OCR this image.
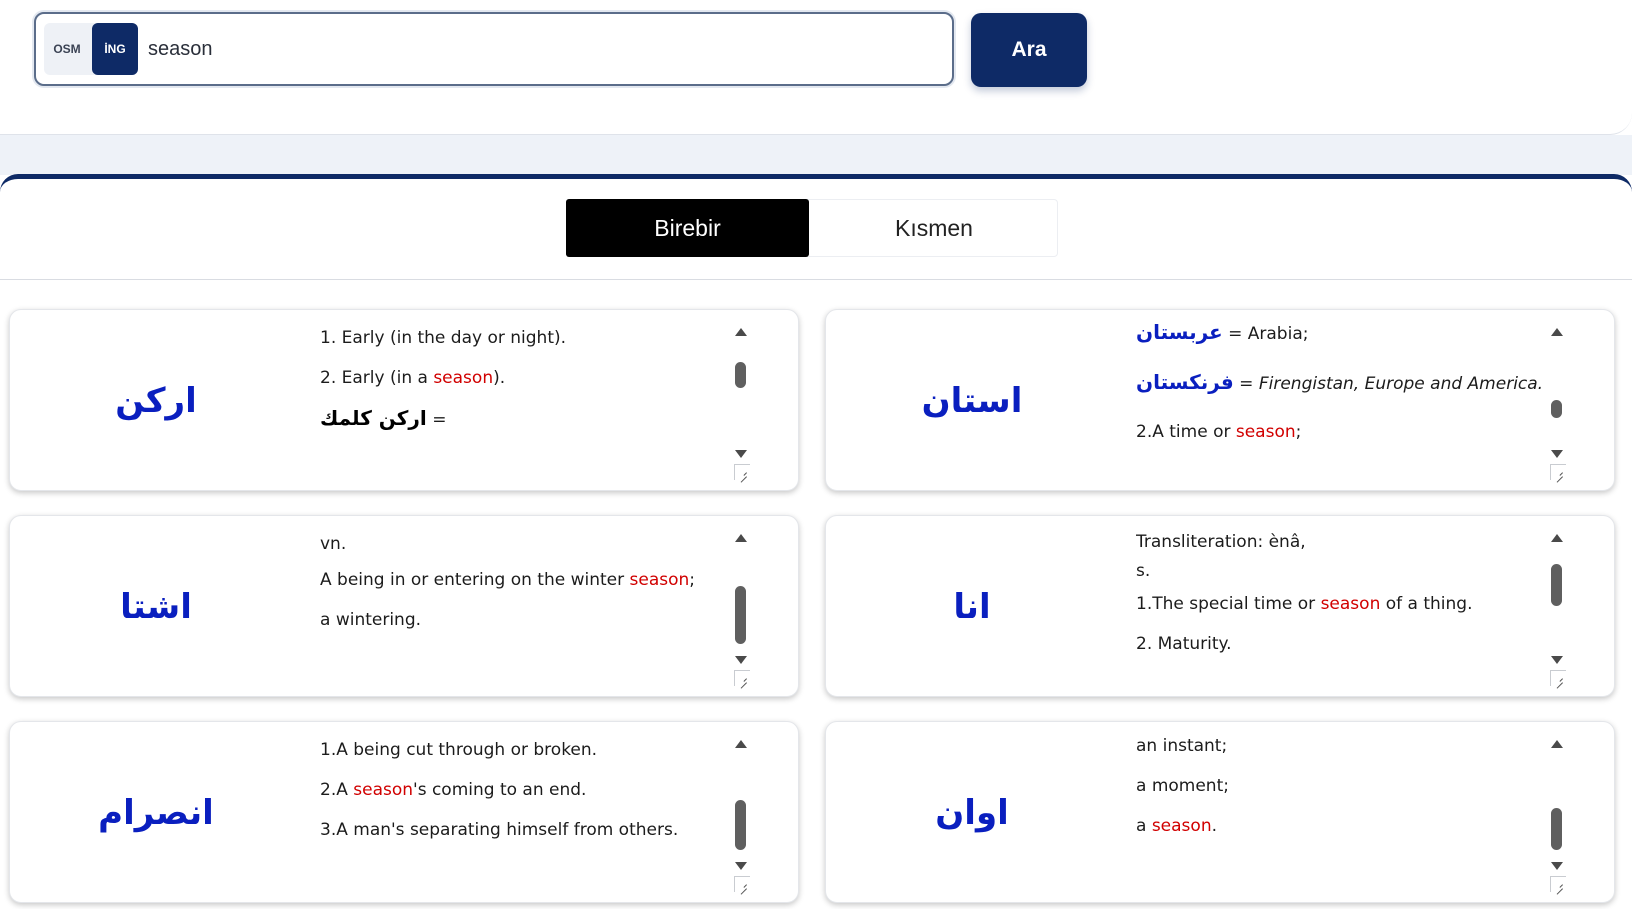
OSM	İNG
season	Ara
Birebir	Kısmen
اركن
1. Early (in the day or night).
2. Early (in a season).
اركن كلمك =	استان
عربستان = Arabia;
فرنكستان = Firengistan, Europe and America.
2.A time or season;
اشتا
vn.
A being in or entering on the winter season;
a wintering.	انا
Transliteration: ènâ,
s.
1.The special time or season of a thing.
2. Maturity.
انصرام
1.A being cut through or broken.
2.A season's coming to an end.
3.A man's separating himself from others.	اوان
an instant;
a moment;
a season.
